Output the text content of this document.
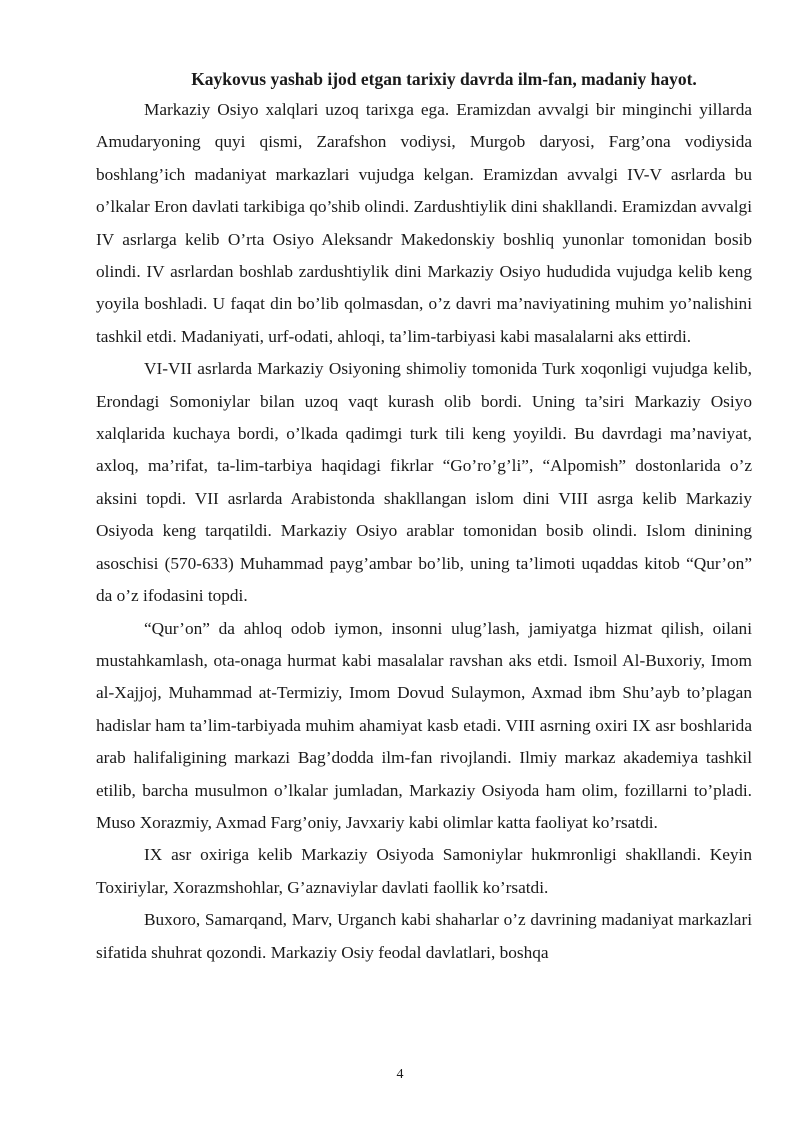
Kaykovus yashab ijod etgan tarixiy davrda ilm-fan, madaniy hayot.

Markaziy Osiyo xalqlari uzoq tarixga ega. Eramizdan avvalgi bir minginchi yillarda Amudaryoning quyi qismi, Zarafshon vodiysi, Murgob daryosi, Farg’ona vodiysida boshlang’ich madaniyat markazlari vujudga kelgan. Eramizdan avvalgi IV-V asrlarda bu o’lkalar Eron davlati tarkibiga qo’shib olindi. Zardushtiylik dini shakllandi. Eramizdan avvalgi IV asrlarga kelib O’rta Osiyo Aleksandr Makedonskiy boshliq yunonlar tomonidan bosib olindi. IV asrlardan boshlab zardushtiylik dini Markaziy Osiyo hududida vujudga kelib keng yoyila boshladi. U faqat din bo’lib qolmasdan, o’z davri ma’naviyatining muhim yo’nalishini tashkil etdi. Madaniyati, urf-odati, ahloqi, ta’lim-tarbiyasi kabi masalalarni aks ettirdi.

VI-VII asrlarda Markaziy Osiyoning shimoliy tomonida Turk xoqonligi vujudga kelib, Erondagi Somoniylar bilan uzoq vaqt kurash olib bordi. Uning ta’siri Markaziy Osiyo xalqlarida kuchaya bordi, o’lkada qadimgi turk tili keng yoyildi. Bu davrdagi ma’naviyat, axloq, ma’rifat, ta-lim-tarbiya haqidagi fikrlar “Go’ro’g’li”, “Alpomish” dostonlarida o’z aksini topdi. VII asrlarda Arabistonda shakllangan islom dini VIII asrga kelib Markaziy Osiyoda keng tarqatildi. Markaziy Osiyo arablar tomonidan bosib olindi. Islom dinining asoschisi (570-633) Muhammad payg’ambar bo’lib, uning ta’limoti uqaddas kitob “Qur’on” da o’z ifodasini topdi.

“Qur’on” da ahloq odob iymon, insonni ulug’lash, jamiyatga hizmat qilish, oilani mustahkamlash, ota-onaga hurmat kabi masalalar ravshan aks etdi. Ismoil Al-Buxoriy, Imom al-Xajjoj, Muhammad at-Termiziy, Imom Dovud Sulaymon, Axmad ibm Shu’ayb to’plagan hadislar ham ta’lim-tarbiyada muhim ahamiyat kasb etadi. VIII asrning oxiri IX asr boshlarida arab halifaligining markazi Bag’dodda ilm-fan rivojlandi. Ilmiy markaz akademiya tashkil etilib, barcha musulmon o’lkalar jumladan, Markaziy Osiyoda ham olim, fozillarni to’pladi. Muso Xorazmiy, Axmad Farg’oniy, Javxariy kabi olimlar katta faoliyat ko’rsatdi.

IX asr oxiriga kelib Markaziy Osiyoda Samoniylar hukmronligi shakllandi. Keyin Toxiriylar, Xorazmshohlar, G’aznaviylar davlati faollik ko’rsatdi.

Buxoro, Samarqand, Marv, Urganch kabi shaharlar o’z davrining madaniyat markazlari sifatida shuhrat qozondi. Markaziy Osiy feodal davlatlari, boshqa

4
